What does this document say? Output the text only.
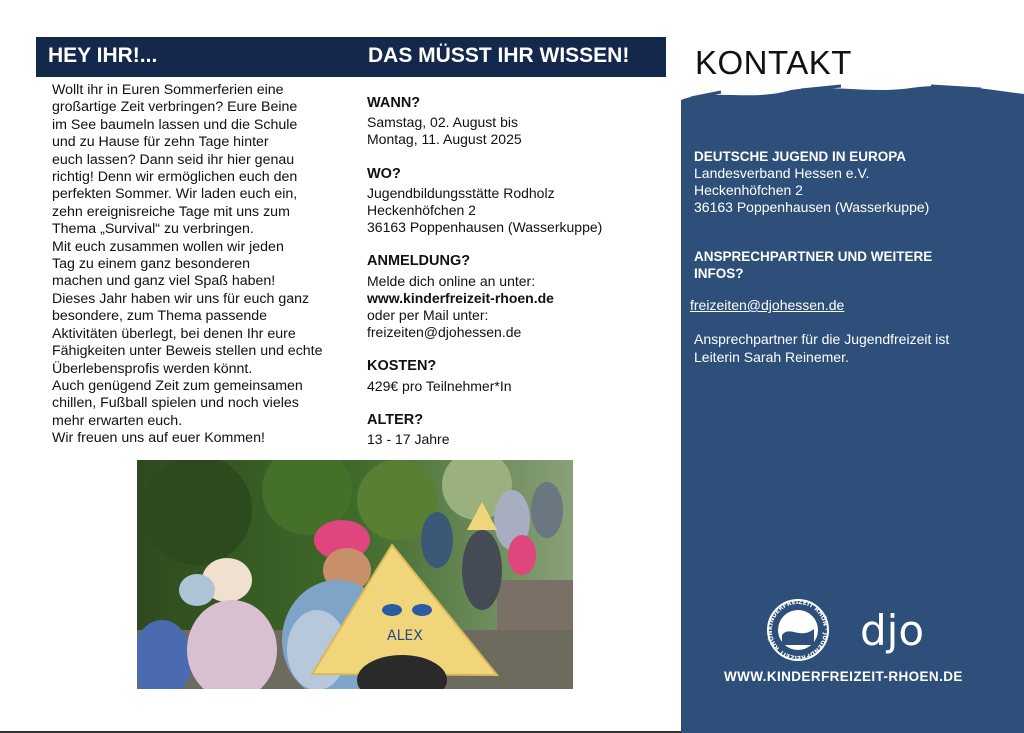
HEY IHR!...	DAS MÜSST IHR WISSEN!

Wollt ihr in Euren Sommerferien eine

großartige Zeit verbringen? Eure Beine

im See baumeln lassen und die Schule

und zu Hause für zehn Tage hinter

euch lassen? Dann seid ihr hier genau

richtig! Denn wir ermöglichen euch den

perfekten Sommer. Wir laden euch ein,

zehn ereignisreiche Tage mit uns zum

Thema „Survival“ zu verbringen.

Mit euch zusammen wollen wir jeden

Tag zu einem ganz besonderen

machen und ganz viel Spaß haben!

Dieses Jahr haben wir uns für euch ganz

besondere, zum Thema passende

Aktivitäten überlegt, bei denen Ihr eure

Fähigkeiten unter Beweis stellen und echte

Überlebensprofis werden könnt.

Auch genügend Zeit zum gemeinsamen

chillen, Fußball spielen und noch vieles

mehr erwarten euch.

Wir freuen uns auf euer Kommen!

WANN?
Samstag, 02. August bis
Montag, 11. August 2025
WO?
Jugendbildungsstätte Rodholz
Heckenhöfchen 2
36163 Poppenhausen (Wasserkuppe)
ANMELDUNG?
Melde dich online an unter:
www.kinderfreizeit-rhoen.de
oder per Mail unter:
freizeiten@djohessen.de
KOSTEN?
429€ pro Teilnehmer*In
ALTER?
13 - 17 Jahre
ALEX
KONTAKT
DEUTSCHE JUGEND IN EUROPA
Landesverband Hessen e.V.
Heckenhöfchen 2
36163 Poppenhausen (Wasserkuppe)
ANSPRECHPARTNER UND WEITERE INFOS?
freizeiten@djohessen.de
Ansprechpartner für die Jugendfreizeit ist Leiterin Sarah Reinemer.
KINDERFREIZEIT RHÖN · JUGENDFREIZEIT RHÖN	djo
WWW.KINDERFREIZEIT-RHOEN.DE
